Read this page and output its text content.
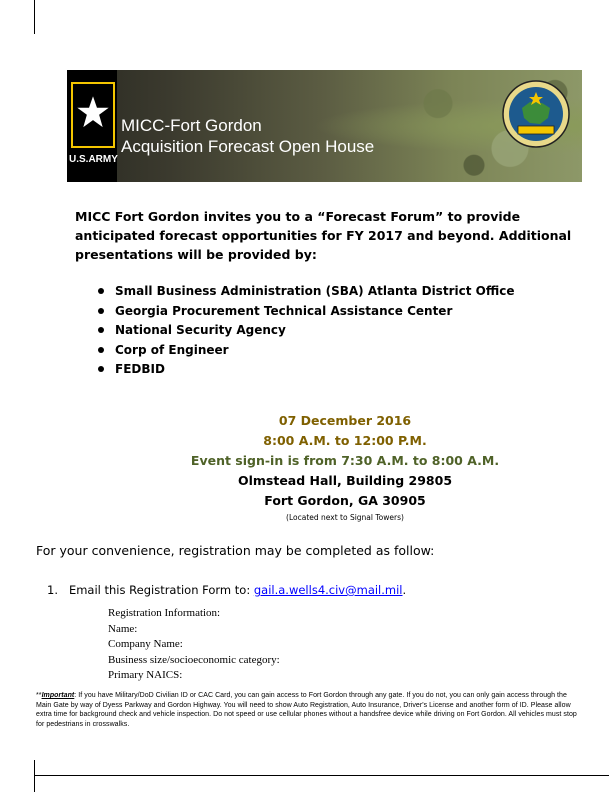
U.S.ARMY
MICC-Fort Gordon
Acquisition Forecast Open House
MICC Fort Gordon invites you to a “Forecast Forum” to provide anticipated forecast opportunities for FY 2017 and beyond. Additional presentations will be provided by:
Small Business Administration (SBA) Atlanta District Office
Georgia Procurement Technical Assistance Center
National Security Agency
Corp of Engineer
FEDBID
07 December 2016
8:00 A.M. to 12:00 P.M.
Event sign-in is from 7:30 A.M. to 8:00 A.M.
Olmstead Hall, Building 29805
Fort Gordon, GA 30905
(Located next to Signal Towers)
For your convenience, registration may be completed as follow:
1. Email this Registration Form to: gail.a.wells4.civ@mail.mil.
Registration Information:
Name:
Company Name:
Business size/socioeconomic category:
Primary NAICS:
**Important: If you have Military/DoD Civilian ID or CAC Card, you can gain access to Fort Gordon through any gate. If you do not, you can only gain access through the Main Gate by way of Dyess Parkway and Gordon Highway. You will need to show Auto Registration, Auto Insurance, Driver's License and another form of ID. Please allow extra time for background check and vehicle inspection. Do not speed or use cellular phones without a handsfree device while driving on Fort Gordon. All vehicles must stop for pedestrians in crosswalks.
